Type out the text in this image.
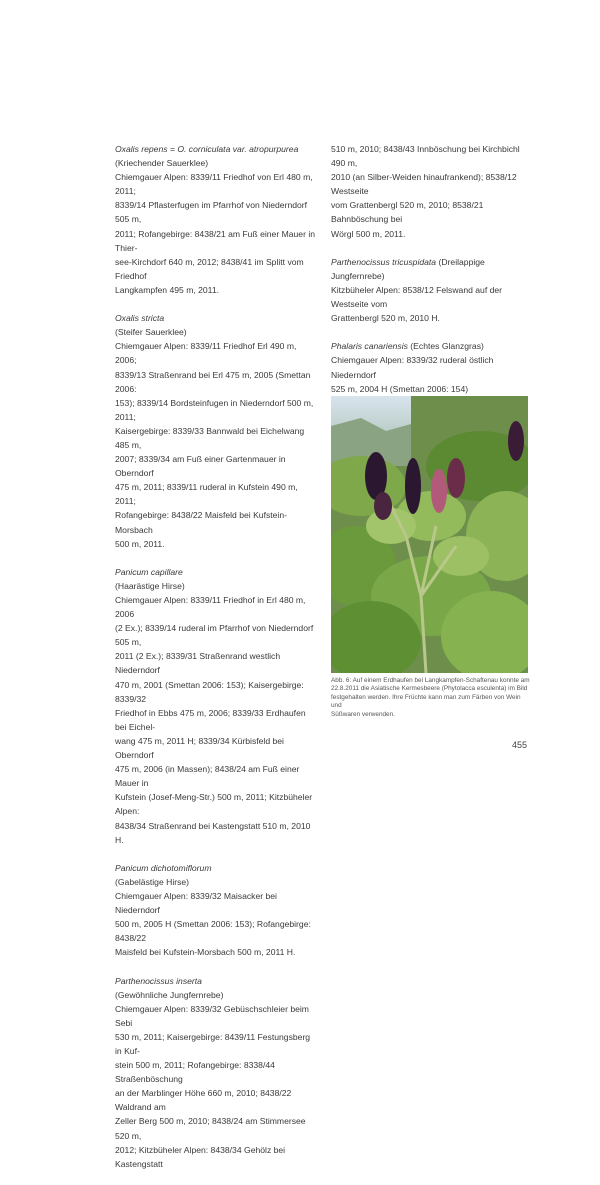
Oxalis repens = O. corniculata var. atropurpurea

(Kriechender Sauerklee)

Chiemgauer Alpen: 8339/11 Friedhof von Erl 480 m, 2011;

8339/14 Pflasterfugen im Pfarrhof von Niederndorf 505 m,

2011; Rofangebirge: 8438/21 am Fuß einer Mauer in Thier-

see-Kirchdorf 640 m, 2012; 8438/41 im Splitt vom Friedhof

Langkampfen 495 m, 2011.

Oxalis stricta

(Steifer Sauerklee)

Chiemgauer Alpen: 8339/11 Friedhof Erl 490 m, 2006;

8339/13 Straßenrand bei Erl 475 m, 2005 (Smettan 2006:

153); 8339/14 Bordsteinfugen in Niederndorf 500 m, 2011;

Kaisergebirge: 8339/33 Bannwald bei Eichelwang 485 m,

2007; 8339/34 am Fuß einer Gartenmauer in Oberndorf

475 m, 2011; 8339/11 ruderal in Kufstein 490 m, 2011;

Rofangebirge: 8438/22 Maisfeld bei Kufstein-Morsbach

500 m, 2011.

Panicum capillare

(Haarästige Hirse)

Chiemgauer Alpen: 8339/11 Friedhof in Erl 480 m, 2006

(2 Ex.); 8339/14 ruderal im Pfarrhof von Niederndorf 505 m,

2011 (2 Ex.); 8339/31 Straßenrand westlich Niederndorf

470 m, 2001 (Smettan 2006: 153); Kaisergebirge: 8339/32

Friedhof in Ebbs 475 m, 2006; 8339/33 Erdhaufen bei Eichel-

wang 475 m, 2011 H; 8339/34 Kürbisfeld bei Oberndorf

475 m, 2006 (in Massen); 8438/24 am Fuß einer Mauer in

Kufstein (Josef-Meng-Str.) 500 m, 2011; Kitzbüheler Alpen:

8438/34 Straßenrand bei Kastengstatt 510 m, 2010 H.

Panicum dichotomiflorum

(Gabelästige Hirse)

Chiemgauer Alpen: 8339/32 Maisacker bei Niederndorf

500 m, 2005 H (Smettan 2006: 153); Rofangebirge: 8438/22

Maisfeld bei Kufstein-Morsbach 500 m, 2011 H.

Parthenocissus inserta

(Gewöhnliche Jungfernrebe)

Chiemgauer Alpen: 8339/32 Gebüschschleier beim Sebi

530 m, 2011; Kaisergebirge: 8439/11 Festungsberg in Kuf-

stein 500 m, 2011; Rofangebirge: 8338/44 Straßenböschung

an der Marblinger Höhe 660 m, 2010; 8438/22 Waldrand am

Zeller Berg 500 m, 2010; 8438/24 am Stimmersee 520 m,

2012; Kitzbüheler Alpen: 8438/34 Gehölz bei Kastengstatt

510 m, 2010; 8438/43 Innböschung bei Kirchbichl 490 m,

2010 (an Silber-Weiden hinaufrankend); 8538/12 Westseite

vom Grattenbergl 520 m, 2010; 8538/21 Bahnböschung bei

Wörgl 500 m, 2011.

Parthenocissus tricuspidata (Dreilappige Jungfernrebe)

Kitzbüheler Alpen: 8538/12 Felswand auf der Westseite vom

Grattenbergl 520 m, 2010 H.

Phalaris canariensis (Echtes Glanzgras)

Chiemgauer Alpen: 8339/32 ruderal östlich Niederndorf

525 m, 2004 H (Smettan 2006: 154)

Abb. 6: Auf einem Erdhaufen bei Langkampfen-Schaftenau konnte am

22.8.2011 die Asiatische Kermesbeere (Phytolacca esculenta) im Bild

festgehalten werden. Ihre Früchte kann man zum Färben von Wein und

Süßwaren verwenden.

455
